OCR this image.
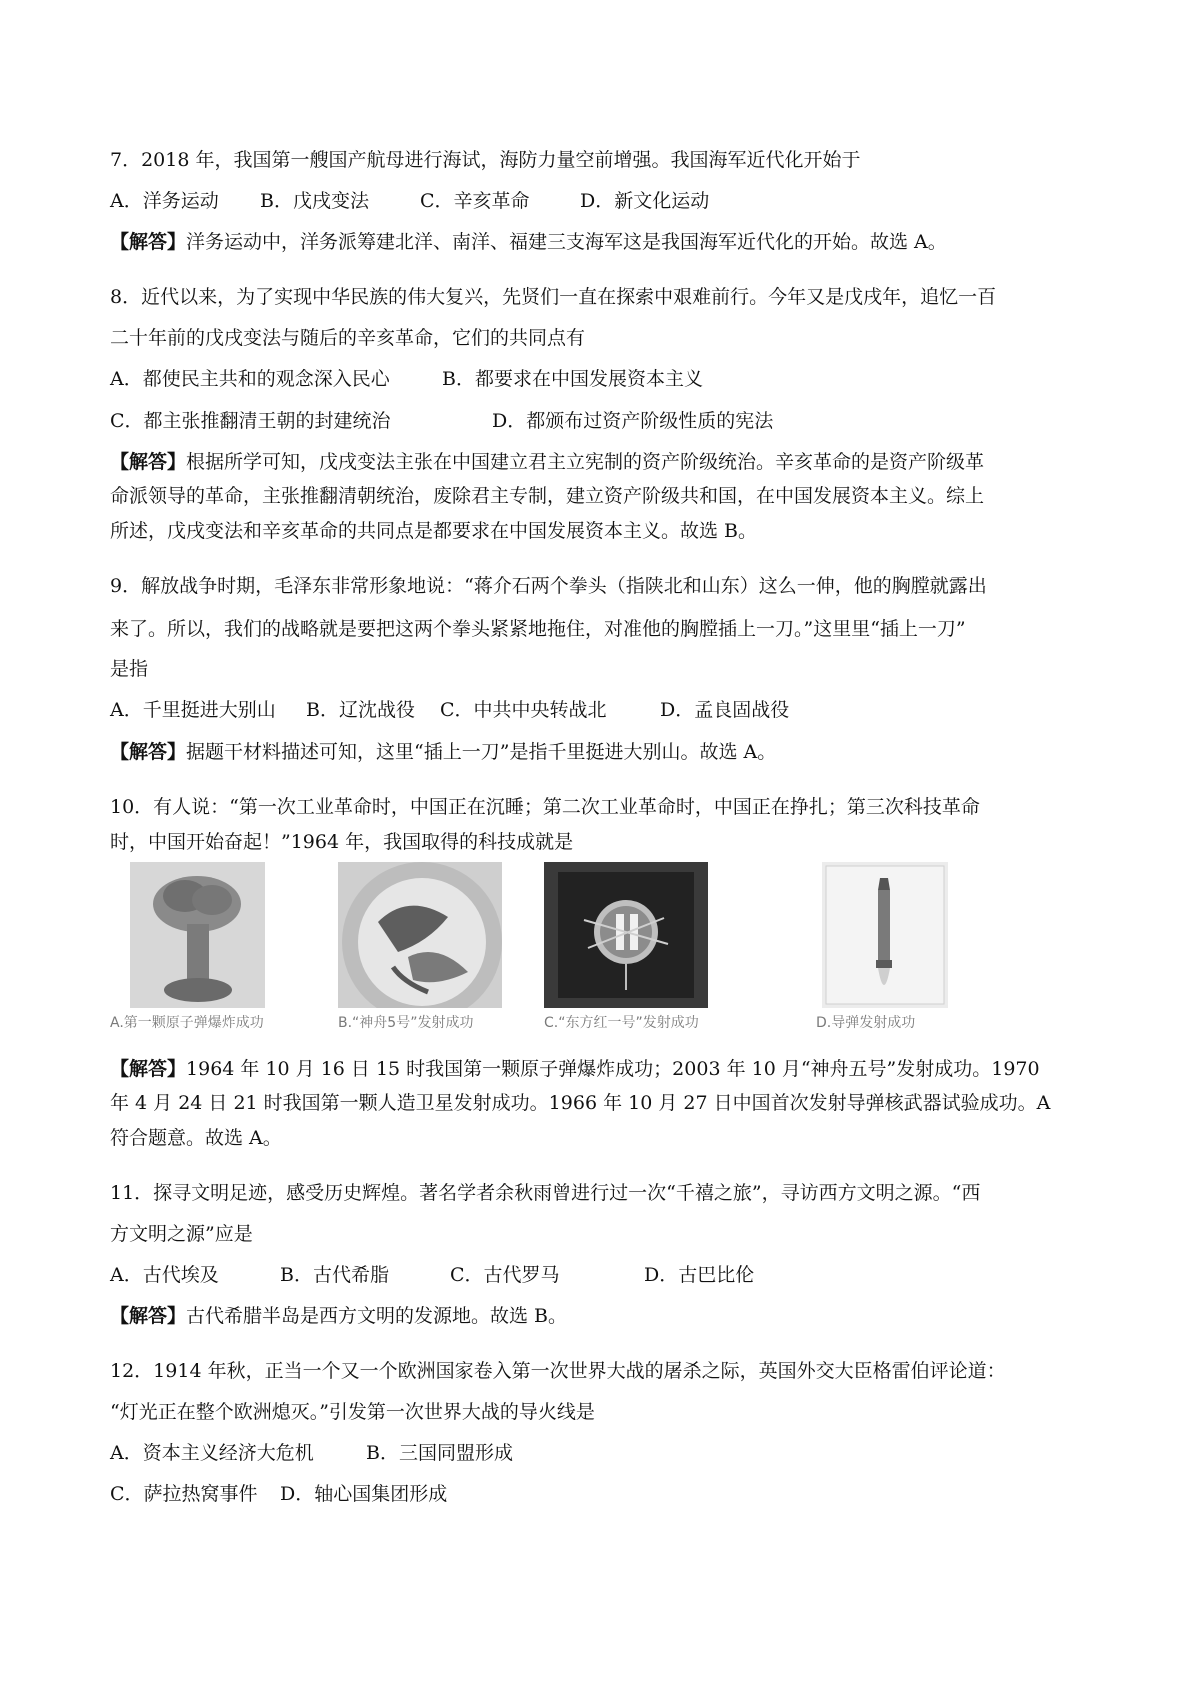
7．2018 年，我国第一艘国产航母进行海试，海防力量空前增强。我国海军近代化开始于
A．洋务运动 B．戊戌变法	C．辛亥革命	D．新文化运动
【解答】洋务运动中，洋务派筹建北洋、南洋、福建三支海军这是我国海军近代化的开始。故选 A。
8．近代以来，为了实现中华民族的伟大复兴，先贤们一直在探索中艰难前行。今年又是戊戌年，追忆一百
二十年前的戊戌变法与随后的辛亥革命，它们的共同点有
A．都使民主共和的观念深入民心	B．都要求在中国发展资本主义
C．都主张推翻清王朝的封建统治	D．都颁布过资产阶级性质的宪法
【解答】根据所学可知，戊戌变法主张在中国建立君主立宪制的资产阶级统治。辛亥革命的是资产阶级革
命派领导的革命，主张推翻清朝统治，废除君主专制，建立资产阶级共和国，在中国发展资本主义。综上
所述，戊戌变法和辛亥革命的共同点是都要求在中国发展资本主义。故选 B。
9．解放战争时期，毛泽东非常形象地说：“蒋介石两个拳头（指陕北和山东）这么一伸，他的胸膛就露出
来了。所以，我们的战略就是要把这两个拳头紧紧地拖住，对准他的胸膛插上一刀。”这里里“插上一刀”
是指
A．千里挺进大别山 B．辽沈战役 C．中共中央转战北	D．孟良固战役
【解答】据题干材料描述可知，这里“插上一刀”是指千里挺进大别山。故选 A。
10．有人说：“第一次工业革命时，中国正在沉睡；第二次工业革命时，中国正在挣扎；第三次科技革命
时，中国开始奋起！”1964 年，我国取得的科技成就是
A.第一颗原子弹爆炸成功	B.“神舟5号”发射成功	C.“东方红一号”发射成功	D.导弹发射成功
【解答】1964 年 10 月 16 日 15 时我国第一颗原子弹爆炸成功；2003 年 10 月“神舟五号”发射成功。1970
年 4 月 24 日 21 时我国第一颗人造卫星发射成功。1966 年 10 月 27 日中国首次发射导弹核武器试验成功。A
符合题意。故选 A。
11．探寻文明足迹，感受历史辉煌。著名学者余秋雨曾进行过一次“千禧之旅”，寻访西方文明之源。“西
方文明之源”应是
A．古代埃及	B．古代希脂	C．古代罗马	D．古巴比伦
【解答】古代希腊半岛是西方文明的发源地。故选 B。
12．1914 年秋，正当一个又一个欧洲国家卷入第一次世界大战的屠杀之际，英国外交大臣格雷伯评论道：
“灯光正在整个欧洲熄灭。”引发第一次世界大战的导火线是
A．资本主义经济大危机	B．三国同盟形成
C．萨拉热窝事件 D．轴心国集团形成
